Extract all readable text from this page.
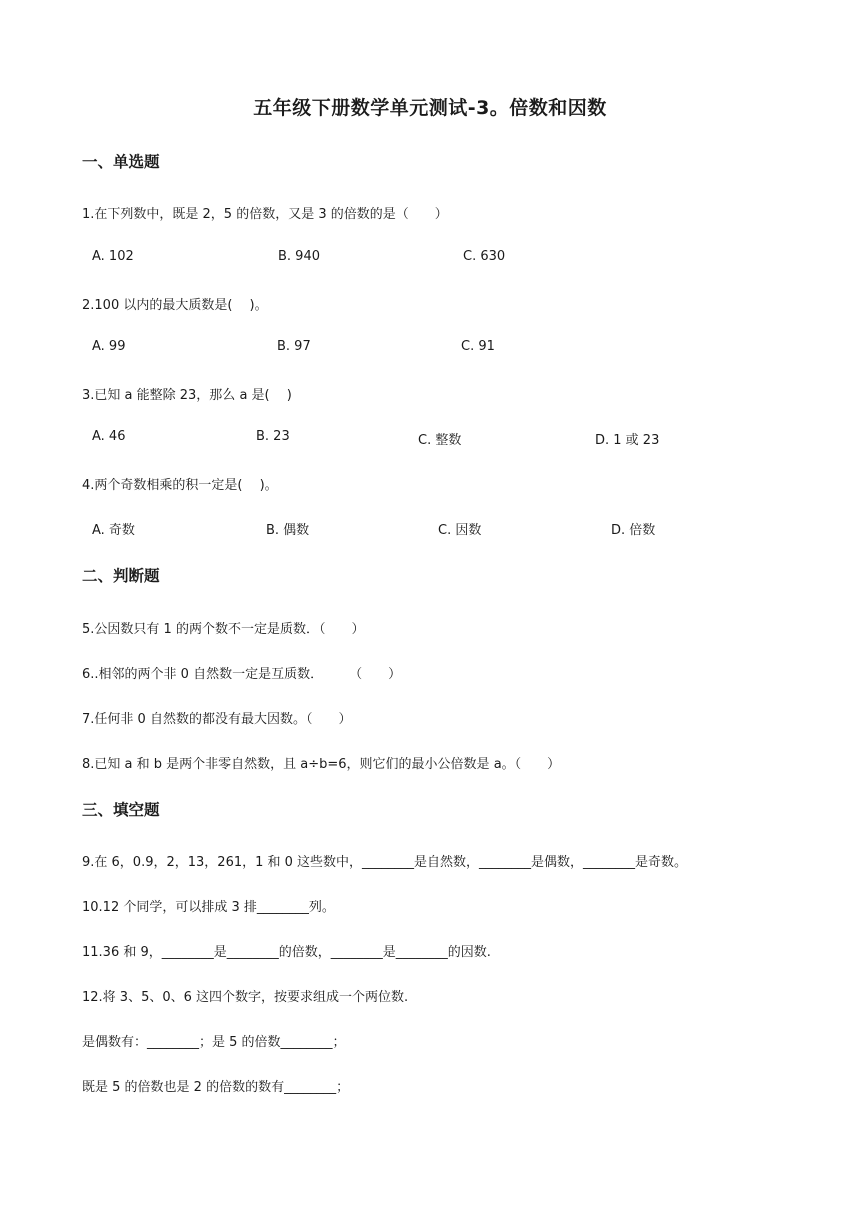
五年级下册数学单元测试-3。倍数和因数
一、单选题
1.在下列数中，既是 2，5 的倍数，又是 3 的倍数的是（　　）
A. 102	B. 940	C. 630
2.100 以内的最大质数是(　 )。
A. 99	B. 97	C. 91
3.已知 a 能整除 23，那么 a 是(　 )
A. 46	B. 23	C. 整数	D. 1 或 23
4.两个奇数相乘的积一定是(　 )。
A. 奇数	B. 偶数	C. 因数	D. 倍数
二、判断题
5.公因数只有 1 的两个数不一定是质数．（　　）
6..相邻的两个非 0 自然数一定是互质数．　　　（　　）
7.任何非 0 自然数的都没有最大因数。（　　）
8.已知 a 和 b 是两个非零自然数，且 a÷b=6，则它们的最小公倍数是 a。（　　）
三、填空题
9.在 6，0.9，2，13，261，1 和 0 这些数中，________是自然数，________是偶数，________是奇数。
10.12 个同学，可以排成 3 排________列。
11.36 和 9，________是________的倍数，________是________的因数.
12.将 3、5、0、6 这四个数字，按要求组成一个两位数.
是偶数有：________；是 5 的倍数________；
既是 5 的倍数也是 2 的倍数的数有________；
